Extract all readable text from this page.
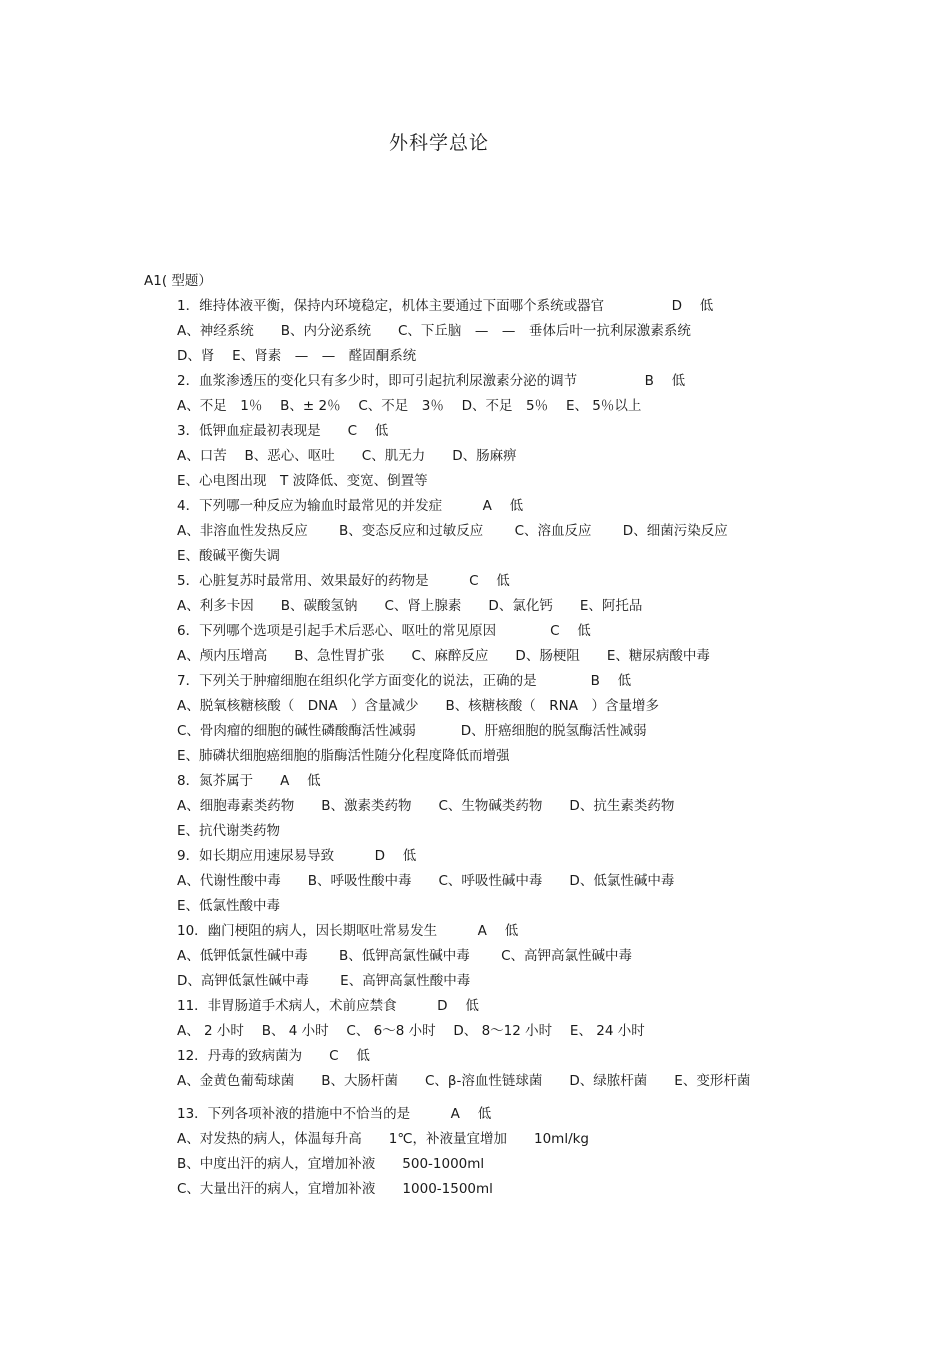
外科学总论
A1( 型题）
1．维持体液平衡，保持内环境稳定，机体主要通过下面哪个系统或器官　　　　　D　 低
A、神经系统　　B、内分泌系统　　C、下丘脑　—　—　垂体后叶一抗利尿激素系统
D、肾　 E、肾素　—　—　醛固酮系统
2．血浆渗透压的变化只有多少时，即可引起抗利尿激素分泌的调节　　　　　B　 低
A、不足　1％　 B、± 2％　 C、不足　3％　 D、不足　5％　 E、 5％以上
3．低钾血症最初表现是　　C　 低
A、口苦　 B、恶心、呕吐　　C、肌无力　　D、肠麻痹
E、心电图出现　T 波降低、变宽、倒置等
4．下列哪一种反应为输血时最常见的并发症　　　A　 低
A、非溶血性发热反应　　 B、变态反应和过敏反应　　 C、溶血反应　　 D、细菌污染反应
E、酸碱平衡失调
5．心脏复苏时最常用、效果最好的药物是　　　C　 低
A、利多卡因　　B、碳酸氢钠　　C、肾上腺素　　D、氯化钙　　E、阿托品
6．下列哪个选项是引起手术后恶心、呕吐的常见原因　　　　C　 低
A、颅内压增高　　B、急性胃扩张　　C、麻醉反应　　D、肠梗阻　　E、糖尿病酸中毒
7．下列关于肿瘤细胞在组织化学方面变化的说法，正确的是　　　　B　 低
A、脱氧核糖核酸（　DNA　）含量减少　　B、核糖核酸（　RNA　）含量增多
C、骨肉瘤的细胞的碱性磷酸酶活性减弱　　　 D、肝癌细胞的脱氢酶活性减弱
E、肺磷状细胞癌细胞的脂酶活性随分化程度降低而增强
8．氮芥属于　　A　 低
A、细胞毒素类药物　　B、激素类药物　　C、生物碱类药物　　D、抗生素类药物
E、抗代谢类药物
9．如长期应用速尿易导致　　　D　 低
A、代谢性酸中毒　　B、呼吸性酸中毒　　C、呼吸性碱中毒　　D、低氯性碱中毒
E、低氯性酸中毒
10．幽门梗阻的病人，因长期呕吐常易发生　　　A　 低
A、低钾低氯性碱中毒　　 B、低钾高氯性碱中毒　　 C、高钾高氯性碱中毒
D、高钾低氯性碱中毒　　 E、高钾高氯性酸中毒
11．非胃肠道手术病人，术前应禁食　　　D　 低
A、 2 小时　 B、 4 小时　 C、 6～8 小时　 D、 8～12 小时　 E、 24 小时
12．丹毒的致病菌为　　C　 低
A、金黄色葡萄球菌　　B、大肠杆菌　　C、β-溶血性链球菌　　D、绿脓杆菌　　E、变形杆菌
13．下列各项补液的措施中不恰当的是　　　A　 低
A、对发热的病人，体温每升高　　1℃，补液量宜增加　　10ml/kg
B、中度出汗的病人，宜增加补液　　500-1000ml
C、大量出汗的病人，宜增加补液　　1000-1500ml
